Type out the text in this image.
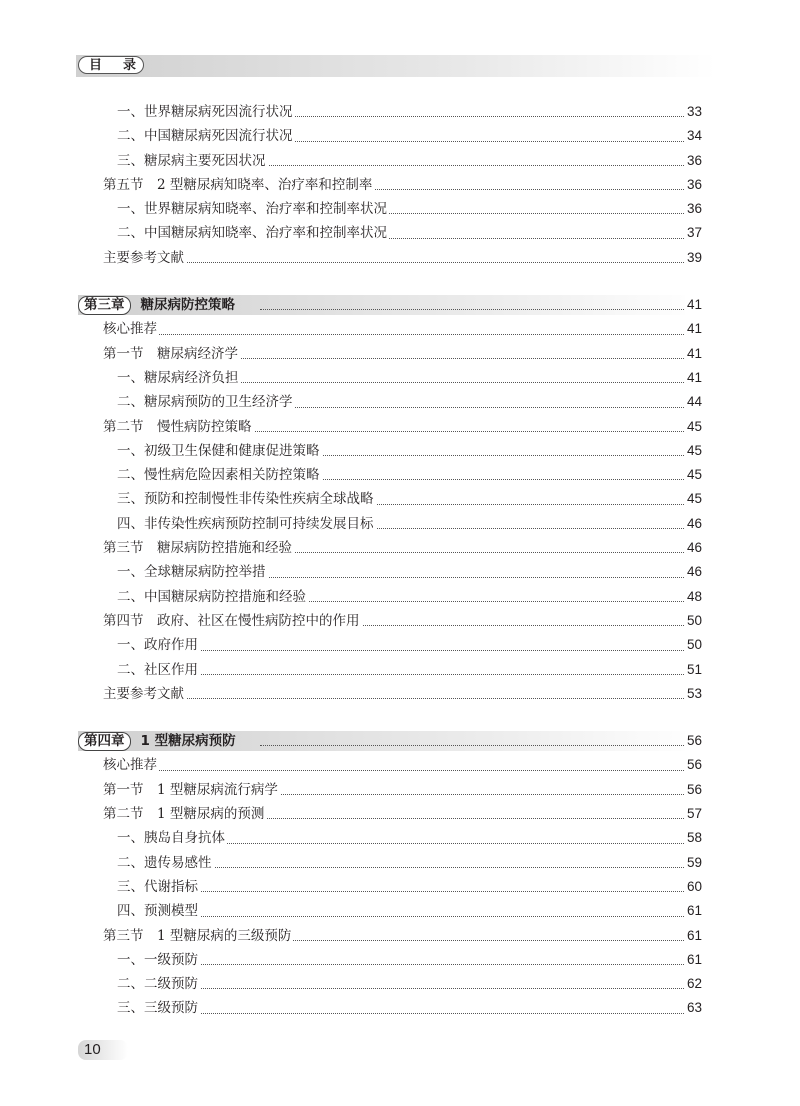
目 录
一、世界糖尿病死因流行状况	33
二、中国糖尿病死因流行状况	34
三、糖尿病主要死因状况	36
第五节　2 型糖尿病知晓率、治疗率和控制率	36
一、世界糖尿病知晓率、治疗率和控制率状况	36
二、中国糖尿病知晓率、治疗率和控制率状况	37
主要参考文献	39
第三章 糖尿病防控策略	41
核心推荐	41
第一节　糖尿病经济学	41
一、糖尿病经济负担	41
二、糖尿病预防的卫生经济学	44
第二节　慢性病防控策略	45
一、初级卫生保健和健康促进策略	45
二、慢性病危险因素相关防控策略	45
三、预防和控制慢性非传染性疾病全球战略	45
四、非传染性疾病预防控制可持续发展目标	46
第三节　糖尿病防控措施和经验	46
一、全球糖尿病防控举措	46
二、中国糖尿病防控措施和经验	48
第四节　政府、社区在慢性病防控中的作用	50
一、政府作用	50
二、社区作用	51
主要参考文献	53
第四章 1 型糖尿病预防	56
核心推荐	56
第一节　1 型糖尿病流行病学	56
第二节　1 型糖尿病的预测	57
一、胰岛自身抗体	58
二、遗传易感性	59
三、代谢指标	60
四、预测模型	61
第三节　1 型糖尿病的三级预防	61
一、一级预防	61
二、二级预防	62
三、三级预防	63
10
